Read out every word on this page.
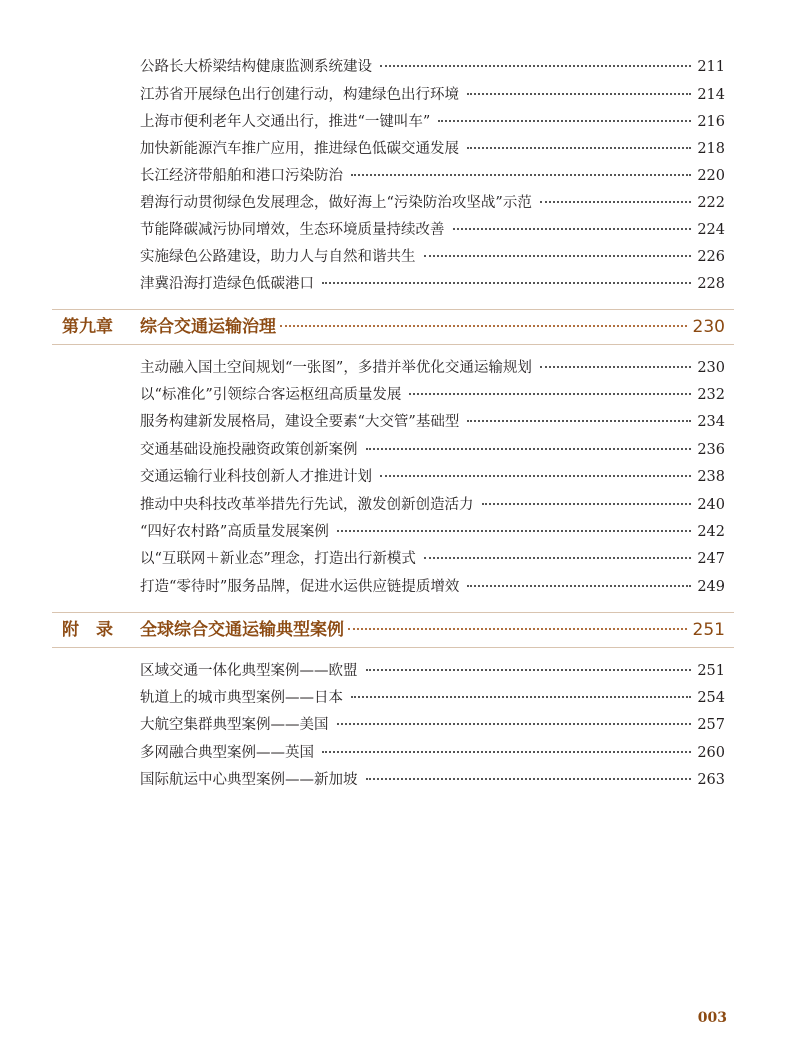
公路长大桥梁结构健康监测系统建设	211
江苏省开展绿色出行创建行动，构建绿色出行环境	214
上海市便利老年人交通出行，推进“一键叫车”	216
加快新能源汽车推广应用，推进绿色低碳交通发展	218
长江经济带船舶和港口污染防治	220
碧海行动贯彻绿色发展理念，做好海上“污染防治攻坚战”示范	222
节能降碳减污协同增效，生态环境质量持续改善	224
实施绿色公路建设，助力人与自然和谐共生	226
津冀沿海打造绿色低碳港口	228
第九章	综合交通运输治理	230
主动融入国土空间规划“一张图”，多措并举优化交通运输规划	230
以“标准化”引领综合客运枢纽高质量发展	232
服务构建新发展格局，建设全要素“大交管”基础型	234
交通基础设施投融资政策创新案例	236
交通运输行业科技创新人才推进计划	238
推动中央科技改革举措先行先试，激发创新创造活力	240
“四好农村路”高质量发展案例	242
以“互联网＋新业态”理念，打造出行新模式	247
打造“零待时”服务品牌，促进水运供应链提质增效	249
附　录	全球综合交通运输典型案例	251
区域交通一体化典型案例——欧盟	251
轨道上的城市典型案例——日本	254
大航空集群典型案例——美国	257
多网融合典型案例——英国	260
国际航运中心典型案例——新加坡	263
003
